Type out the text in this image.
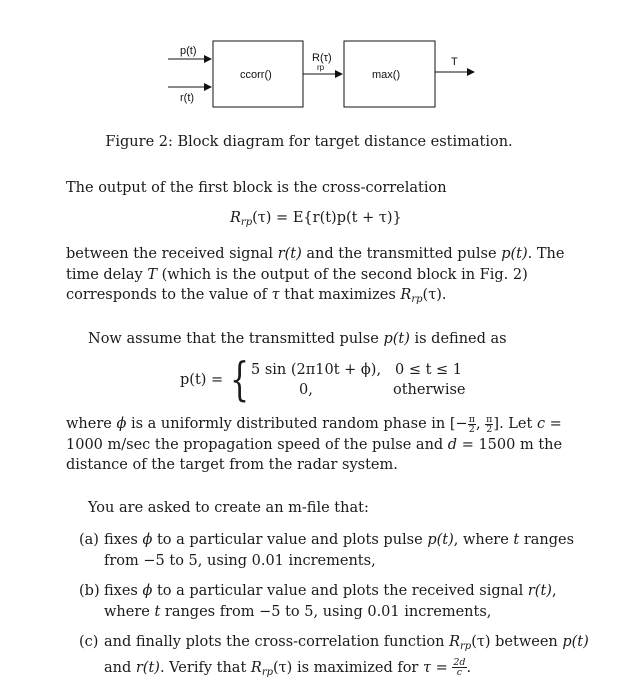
p(t)
r(t)
ccorr()
R(τ)
rp
max()
T
Figure 2: Block diagram for target distance estimation.
The output of the first block is the cross-correlation
$R_{rp}(\tau) = E\{r(t)p(t + \tau)\}$
between the received signal r(t) and the transmitted pulse p(t). The time delay T (which is the output of the second block in Fig. 2) corresponds to the value of τ that maximizes $R_{rp}(\tau)$.
Now assume that the transmitted pulse p(t) is defined as
p(t) = { 5 sin (2π10t + ϕ), 0 ≤ t ≤ 1
0,	otherwise
where ϕ is a uniformly distributed random phase in [− $\frac{\pi}{2}$ , $\frac{\pi}{2}$ ]. Let c = 1000 m/sec the propagation speed of the pulse and d = 1500 m the distance of the target from the radar system.
You are asked to create an m-file that:
(a) fixes ϕ to a particular value and plots pulse p(t), where t ranges from −5 to 5, using 0.01 increments,
(b) fixes ϕ to a particular value and plots the received signal r(t), where t ranges from −5 to 5, using 0.01 increments,
(c) and finally plots the cross-correlation function $R_{rp}(\tau)$ between p(t) and r(t). Verify that $R_{rp}(\tau)$ is maximized for $\tau = \frac{2d}{c}$ .
